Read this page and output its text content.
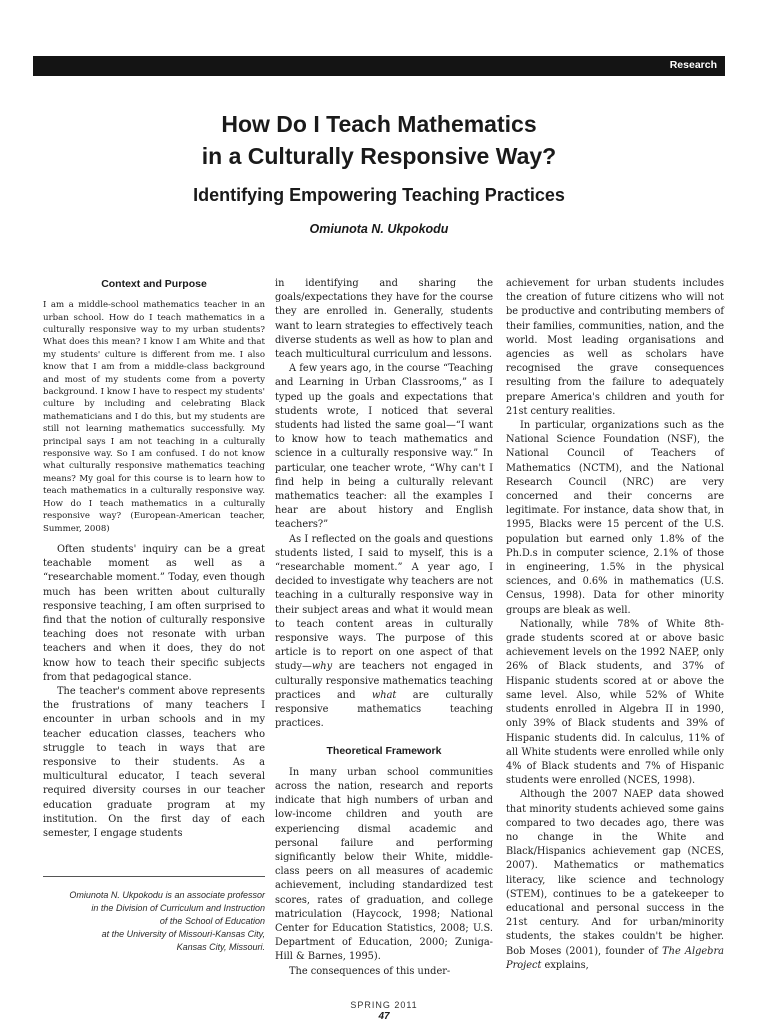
Research
How Do I Teach Mathematics
in a Culturally Responsive Way?
Identifying Empowering Teaching Practices
Omiunota N. Ukpokodu
Context and Purpose

I am a middle-school mathematics teacher in an urban school. How do I teach mathematics in a culturally responsive way to my urban students? What does this mean? I know I am White and that my students' culture is different from me. I also know that I am from a middle-class background and most of my students come from a poverty background. I know I have to respect my students' culture by including and celebrating Black mathematicians and I do this, but my students are still not learning mathematics successfully. My principal says I am not teaching in a culturally responsive way. So I am confused. I do not know what culturally responsive mathematics teaching means? My goal for this course is to learn how to teach mathematics in a culturally responsive way. How do I teach mathematics in a culturally responsive way? (European-American teacher, Summer, 2008)

Often students' inquiry can be a great teachable moment as well as a “researchable moment.” Today, even though much has been written about culturally responsive teaching, I am often surprised to find that the notion of culturally responsive teaching does not resonate with urban teachers and when it does, they do not know how to teach their specific subjects from that pedagogical stance.

The teacher's comment above represents the frustrations of many teachers I encounter in urban schools and in my teacher education classes, teachers who struggle to teach in ways that are responsive to their students. As a multicultural educator, I teach several required diversity courses in our teacher education graduate program at my institution. On the first day of each semester, I engage students

in identifying and sharing the goals/expectations they have for the course they are enrolled in. Generally, students want to learn strategies to effectively teach diverse students as well as how to plan and teach multicultural curriculum and lessons.

A few years ago, in the course “Teaching and Learning in Urban Classrooms,” as I typed up the goals and expectations that students wrote, I noticed that several students had listed the same goal—“I want to know how to teach mathematics and science in a culturally responsive way.” In particular, one teacher wrote, “Why can't I find help in being a culturally relevant mathematics teacher: all the examples I hear are about history and English teachers?”

As I reflected on the goals and questions students listed, I said to myself, this is a “researchable moment.” A year ago, I decided to investigate why teachers are not teaching in a culturally responsive way in their subject areas and what it would mean to teach content areas in culturally responsive ways. The purpose of this article is to report on one aspect of that study—why are teachers not engaged in culturally responsive mathematics teaching practices and what are culturally responsive mathematics teaching practices.

Theoretical Framework

In many urban school communities across the nation, research and reports indicate that high numbers of urban and low-income children and youth are experiencing dismal academic and personal failure and performing significantly below their White, middle-class peers on all measures of academic achievement, including standardized test scores, rates of graduation, and college matriculation (Haycock, 1998; National Center for Education Statistics, 2008; U.S. Department of Education, 2000; Zuniga-Hill & Barnes, 1995).

The consequences of this under-

achievement for urban students includes the creation of future citizens who will not be productive and contributing members of their families, communities, nation, and the world. Most leading organisations and agencies as well as scholars have recognised the grave consequences resulting from the failure to adequately prepare America's children and youth for 21st century realities.

In particular, organizations such as the National Science Foundation (NSF), the National Council of Teachers of Mathematics (NCTM), and the National Research Council (NRC) are very concerned and their concerns are legitimate. For instance, data show that, in 1995, Blacks were 15 percent of the U.S. population but earned only 1.8% of the Ph.D.s in computer science, 2.1% of those in engineering, 1.5% in the physical sciences, and 0.6% in mathematics (U.S. Census, 1998). Data for other minority groups are bleak as well.

Nationally, while 78% of White 8th-grade students scored at or above basic achievement levels on the 1992 NAEP, only 26% of Black students, and 37% of Hispanic students scored at or above the same level. Also, while 52% of White students enrolled in Algebra II in 1990, only 39% of Black students and 39% of Hispanic students did. In calculus, 11% of all White students were enrolled while only 4% of Black students and 7% of Hispanic students were enrolled (NCES, 1998).

Although the 2007 NAEP data showed that minority students achieved some gains compared to two decades ago, there was no change in the White and Black/Hispanics achievement gap (NCES, 2007). Mathematics or mathematics literacy, like science and technology (STEM), continues to be a gatekeeper to educational and personal success in the 21st century. And for urban/minority students, the stakes couldn't be higher. Bob Moses (2001), founder of The Algebra Project explains,

Omiunota N. Ukpokodu is an associate professor
in the Division of Curriculum and Instruction
of the School of Education
at the University of Missouri-Kansas City,
Kansas City, Missouri.
SPRING 2011
47
